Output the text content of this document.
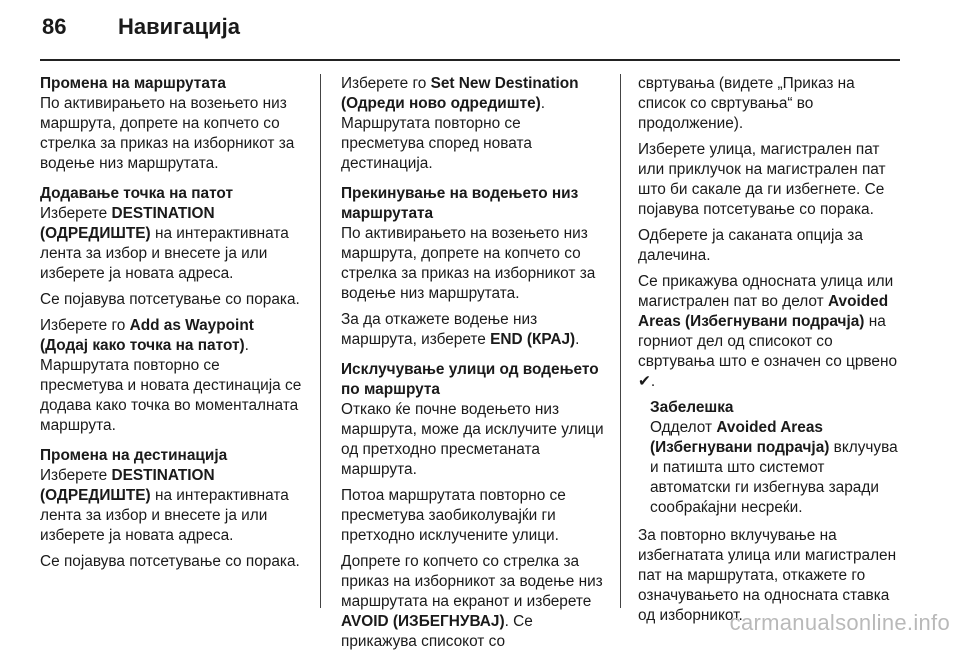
86	Навигација
Промена на маршрутата

По активирањето на возењето низ маршрута, допрете на копчето со стрелка за приказ на изборникот за водење низ маршрутата.

Додавање точка на патот

Изберете DESTINATION (ОДРЕДИШТЕ) на интерактивната лента за избор и внесете ја или изберете ја новата адреса.

Се појавува потсетување со порака.

Изберете го Add as Waypoint (Додај како точка на патот). Маршрутата повторно се пресметува и новата дестинација се додава како точка во моменталната маршрута.

Промена на дестинација

Изберете DESTINATION (ОДРЕДИШТЕ) на интерактивната лента за избор и внесете ја или изберете ја новата адреса.

Се појавува потсетување со порака.

Изберете го Set New Destination (Одреди ново одредиште). Маршрутата повторно се пресметува според новата дестинација.

Прекинување на водењето низ маршрутата

По активирањето на возењето низ маршрута, допрете на копчето со стрелка за приказ на изборникот за водење низ маршрутата.

За да откажете водење низ маршрута, изберете END (КРАЈ).

Исклучување улици од водењето по маршрута

Откако ќе почне водењето низ маршрута, може да исклучите улици од претходно пресметаната маршрута.

Потоа маршрутата повторно се пресметува заобиколувајќи ги претходно исклучените улици.

Допрете го копчето со стрелка за приказ на изборникот за водење низ маршрутата на екранот и изберете AVOID (ИЗБЕГНУВАЈ). Се прикажува списокот со

свртувања (видете „Приказ на список со свртувања“ во продолжение).

Изберете улица, магистрален пат или приклучок на магистрален пат што би сакале да ги избегнете. Се појавува потсетување со порака.

Одберете ја саканата опција за далечина.

Се прикажува односната улица или магистрален пат во делот Avoided Areas (Избегнувани подрачја) на горниот дел од списокот со свртувања што е означен со црвено ✔.

Забелешка

Одделот Avoided Areas (Избегнувани подрачја) вклучува и патишта што системот автоматски ги избегнува заради сообраќајни несреќи.

За повторно вклучување на избегнатата улица или магистрален пат на маршрутата, откажете го означувањето на односната ставка од изборникот.

carmanualsonline.info
